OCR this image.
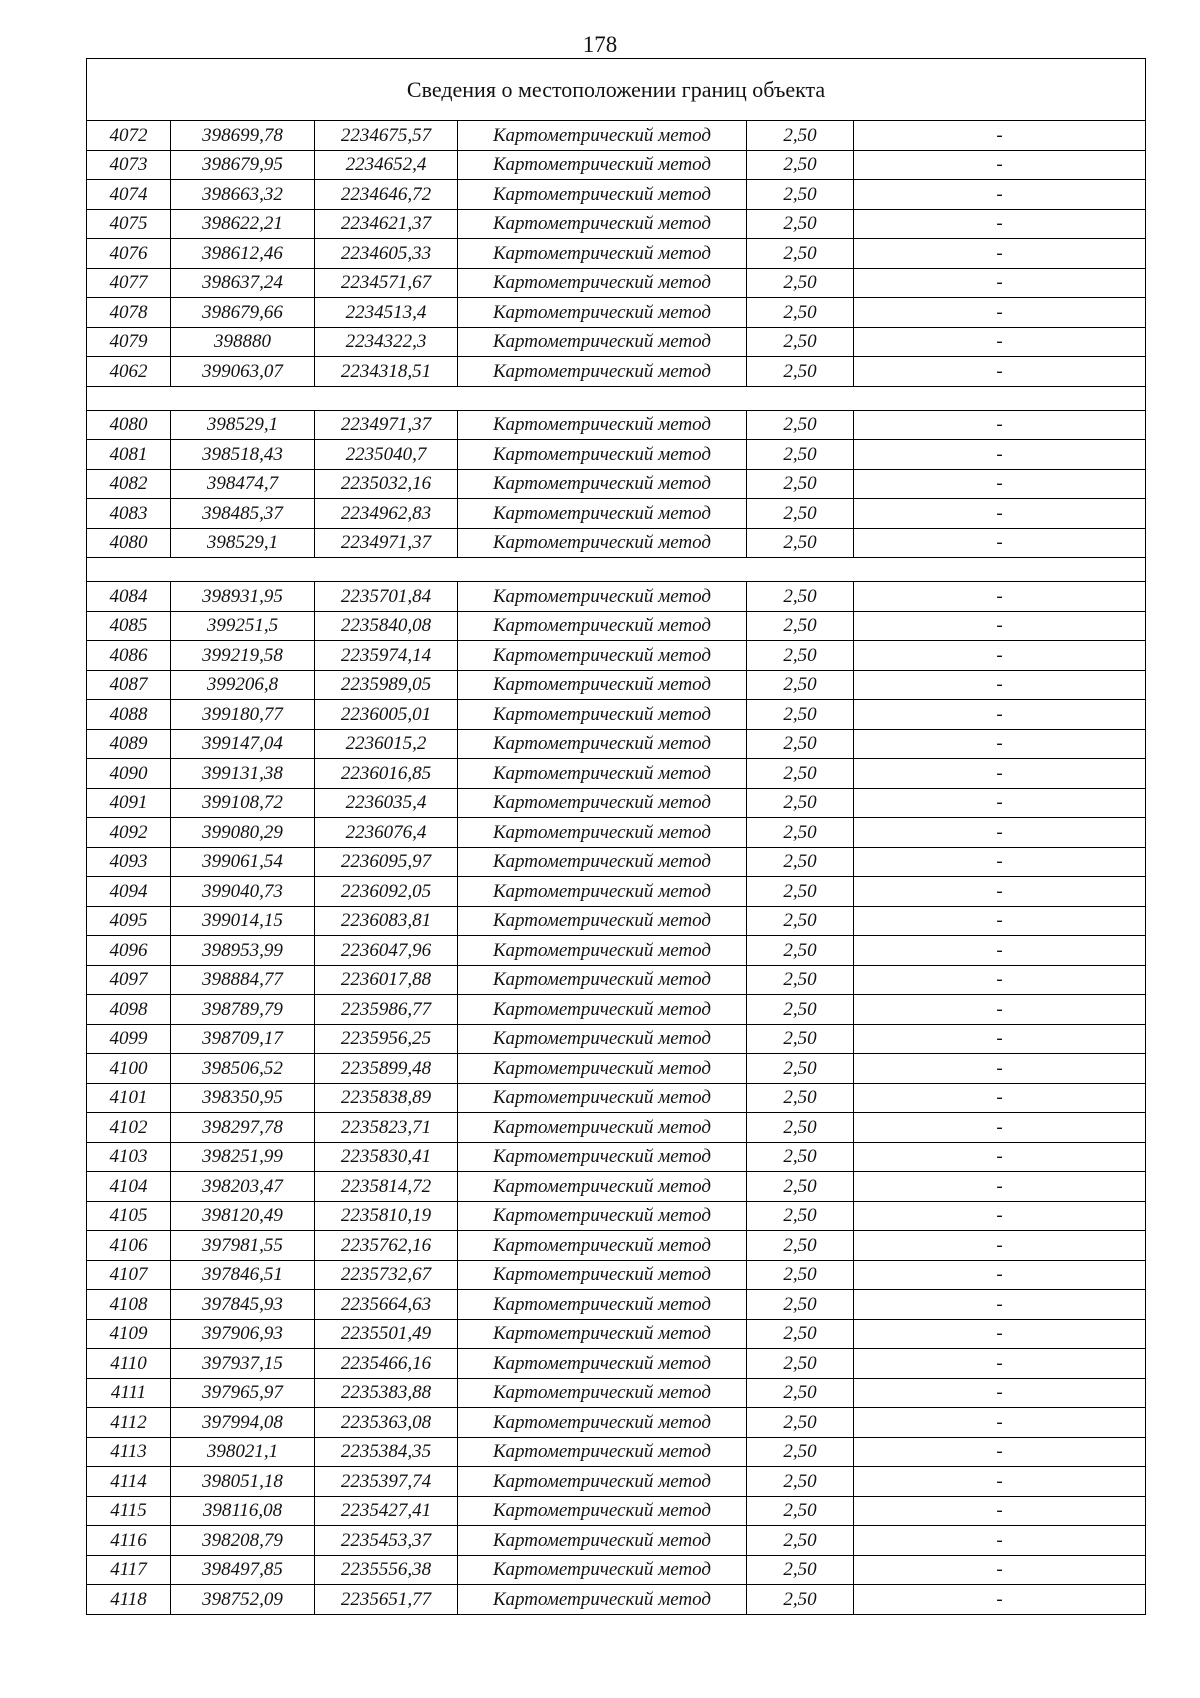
178
Сведения о местоположении границ объекта					
4072	398699,78	2234675,57	Картометрический метод	2,50	-
4073	398679,95	2234652,4	Картометрический метод	2,50	-
4074	398663,32	2234646,72	Картометрический метод	2,50	-
4075	398622,21	2234621,37	Картометрический метод	2,50	-
4076	398612,46	2234605,33	Картометрический метод	2,50	-
4077	398637,24	2234571,67	Картометрический метод	2,50	-
4078	398679,66	2234513,4	Картометрический метод	2,50	-
4079	398880	2234322,3	Картометрический метод	2,50	-
4062	399063,07	2234318,51	Картометрический метод	2,50	-

4080	398529,1	2234971,37	Картометрический метод	2,50	-
4081	398518,43	2235040,7	Картометрический метод	2,50	-
4082	398474,7	2235032,16	Картометрический метод	2,50	-
4083	398485,37	2234962,83	Картометрический метод	2,50	-
4080	398529,1	2234971,37	Картометрический метод	2,50	-

4084	398931,95	2235701,84	Картометрический метод	2,50	-
4085	399251,5	2235840,08	Картометрический метод	2,50	-
4086	399219,58	2235974,14	Картометрический метод	2,50	-
4087	399206,8	2235989,05	Картометрический метод	2,50	-
4088	399180,77	2236005,01	Картометрический метод	2,50	-
4089	399147,04	2236015,2	Картометрический метод	2,50	-
4090	399131,38	2236016,85	Картометрический метод	2,50	-
4091	399108,72	2236035,4	Картометрический метод	2,50	-
4092	399080,29	2236076,4	Картометрический метод	2,50	-
4093	399061,54	2236095,97	Картометрический метод	2,50	-
4094	399040,73	2236092,05	Картометрический метод	2,50	-
4095	399014,15	2236083,81	Картометрический метод	2,50	-
4096	398953,99	2236047,96	Картометрический метод	2,50	-
4097	398884,77	2236017,88	Картометрический метод	2,50	-
4098	398789,79	2235986,77	Картометрический метод	2,50	-
4099	398709,17	2235956,25	Картометрический метод	2,50	-
4100	398506,52	2235899,48	Картометрический метод	2,50	-
4101	398350,95	2235838,89	Картометрический метод	2,50	-
4102	398297,78	2235823,71	Картометрический метод	2,50	-
4103	398251,99	2235830,41	Картометрический метод	2,50	-
4104	398203,47	2235814,72	Картометрический метод	2,50	-
4105	398120,49	2235810,19	Картометрический метод	2,50	-
4106	397981,55	2235762,16	Картометрический метод	2,50	-
4107	397846,51	2235732,67	Картометрический метод	2,50	-
4108	397845,93	2235664,63	Картометрический метод	2,50	-
4109	397906,93	2235501,49	Картометрический метод	2,50	-
4110	397937,15	2235466,16	Картометрический метод	2,50	-
4111	397965,97	2235383,88	Картометрический метод	2,50	-
4112	397994,08	2235363,08	Картометрический метод	2,50	-
4113	398021,1	2235384,35	Картометрический метод	2,50	-
4114	398051,18	2235397,74	Картометрический метод	2,50	-
4115	398116,08	2235427,41	Картометрический метод	2,50	-
4116	398208,79	2235453,37	Картометрический метод	2,50	-
4117	398497,85	2235556,38	Картометрический метод	2,50	-
4118	398752,09	2235651,77	Картометрический метод	2,50	-
